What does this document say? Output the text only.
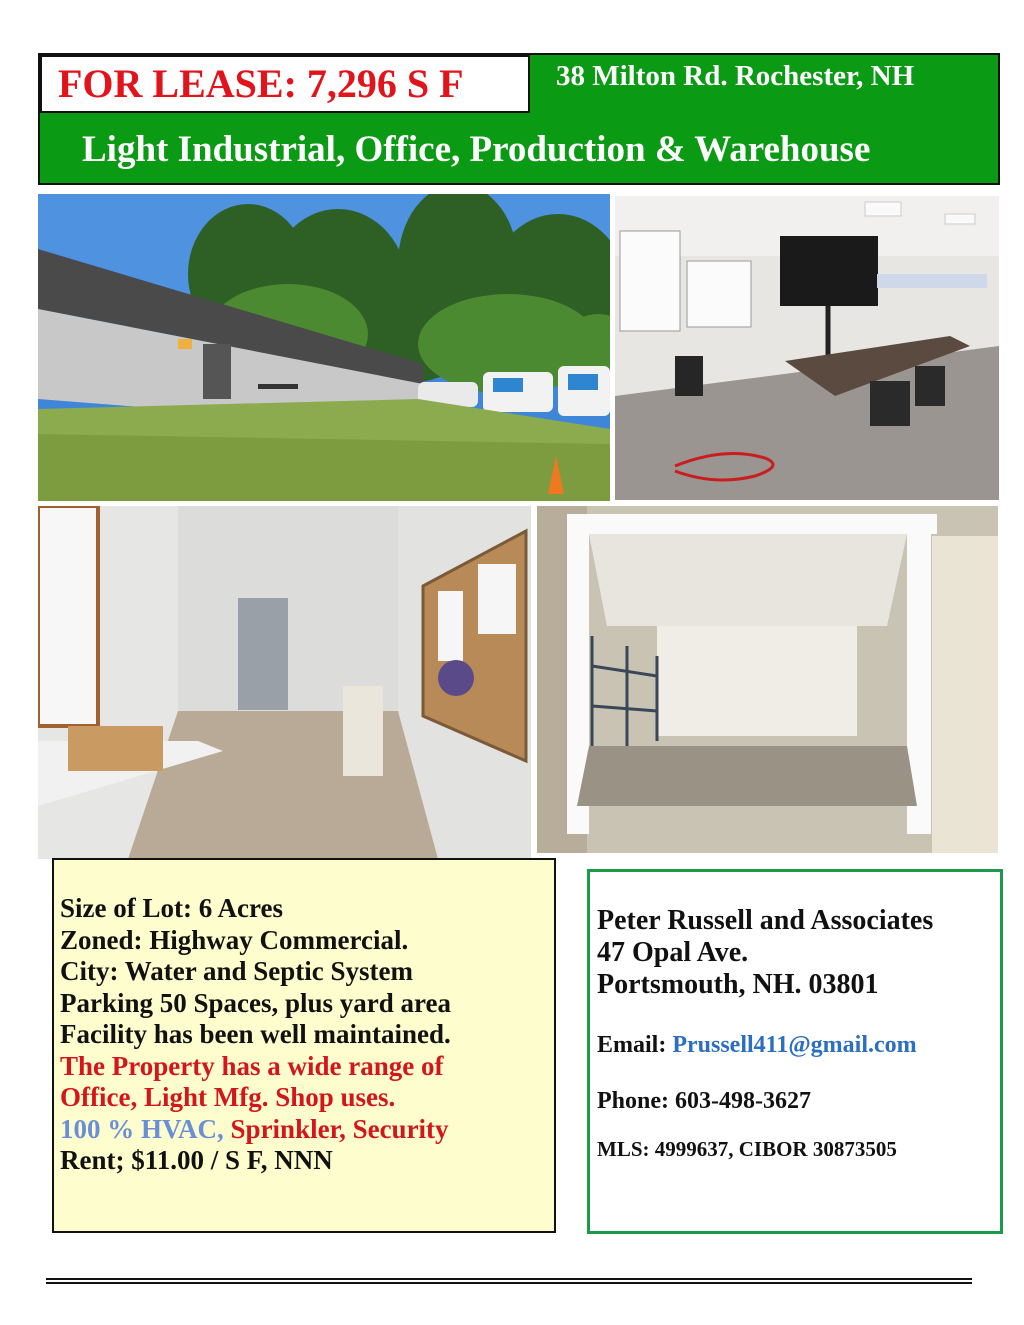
FOR LEASE: 7,296 S F	38 Milton Rd. Rochester, NH
Light Industrial, Office, Production & Warehouse
Size of Lot: 6 Acres
Zoned: Highway Commercial.
City: Water and Septic System
Parking 50 Spaces, plus yard area
Facility has been well maintained.
The Property has a wide range of
Office, Light Mfg. Shop uses.
100 % HVAC, Sprinkler, Security
Rent; $11.00 / S F, NNN
Peter Russell and Associates
47 Opal Ave.
Portsmouth, NH. 03801
Email: Prussell411@gmail.com
Phone: 603-498-3627
MLS: 4999637, CIBOR 30873505
